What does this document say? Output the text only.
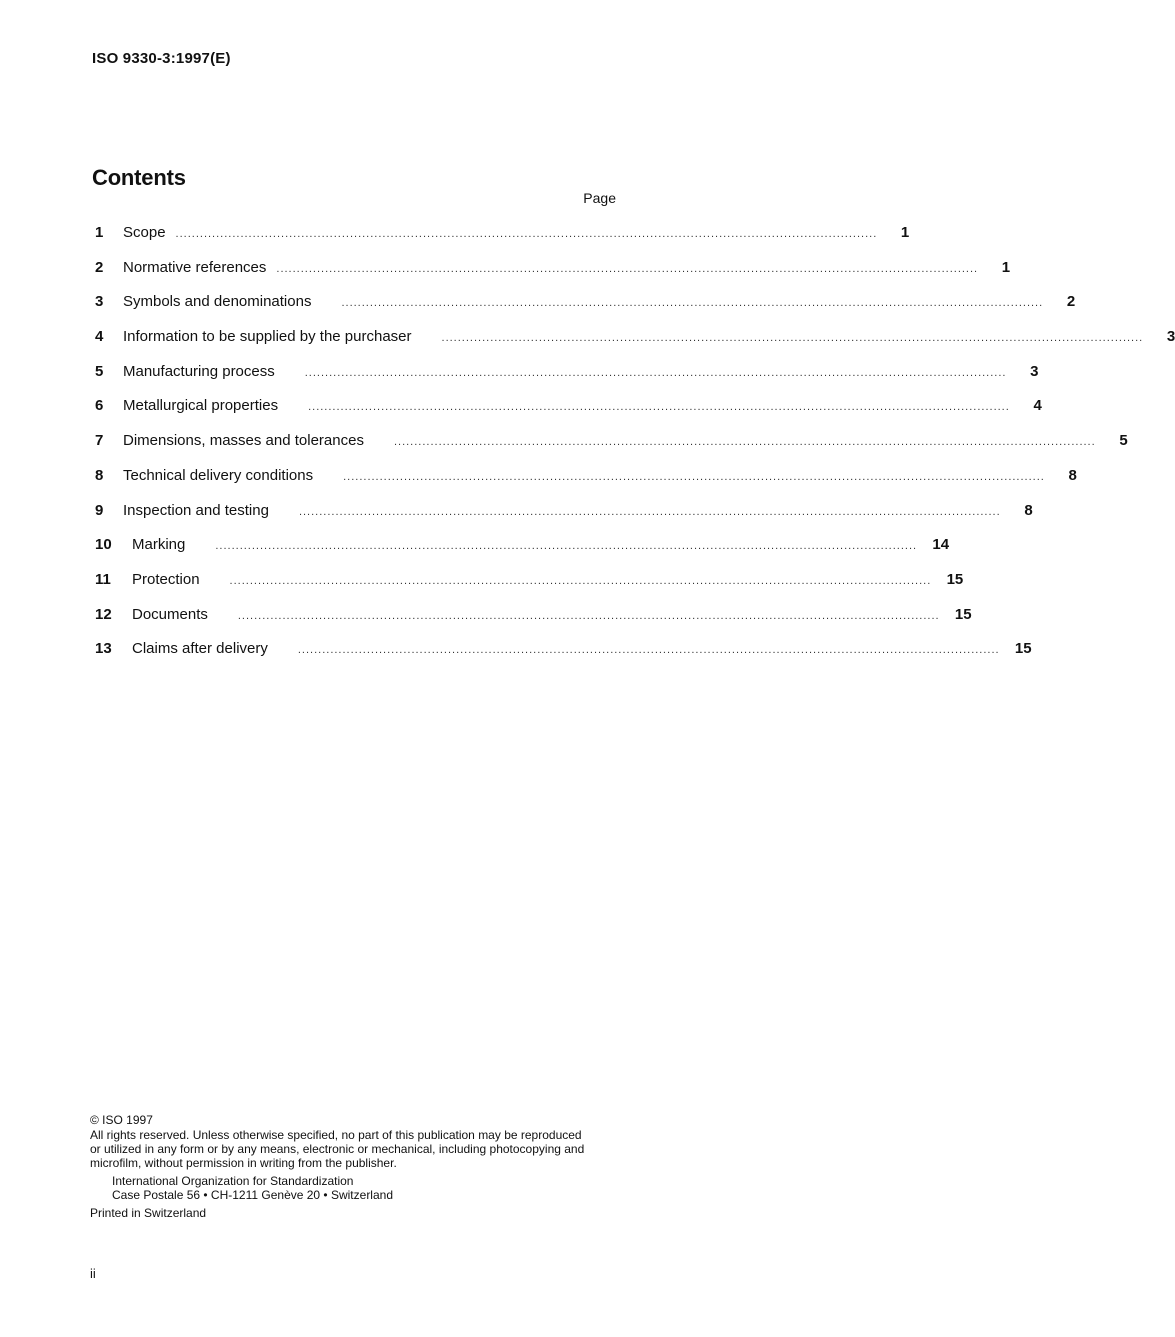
ISO 9330-3:1997(E)
Contents
Page
1	Scope .............................................................................................................................................................................	1
2	Normative references .............................................................................................................................................................................	1
3	Symbols and denominations	.............................................................................................................................................................................	2
4	Information to be supplied by the purchaser	.............................................................................................................................................................................	3
5	Manufacturing process	.............................................................................................................................................................................	3
6	Metallurgical properties	.............................................................................................................................................................................	4
7	Dimensions, masses and tolerances	.............................................................................................................................................................................	5
8	Technical delivery conditions	.............................................................................................................................................................................	8
9	Inspection and testing	.............................................................................................................................................................................	8
10	Marking	.............................................................................................................................................................................	14
11	Protection	.............................................................................................................................................................................	15
12	Documents	.............................................................................................................................................................................	15
13	Claims after delivery	.............................................................................................................................................................................	15

© ISO 1997

All rights reserved. Unless otherwise specified, no part of this publication may be reproduced

or utilized in any form or by any means, electronic or mechanical, including photocopying and

microfilm, without permission in writing from the publisher.

International Organization for Standardization

Case Postale 56 • CH-1211 Genève 20 • Switzerland

Printed in Switzerland

ii
